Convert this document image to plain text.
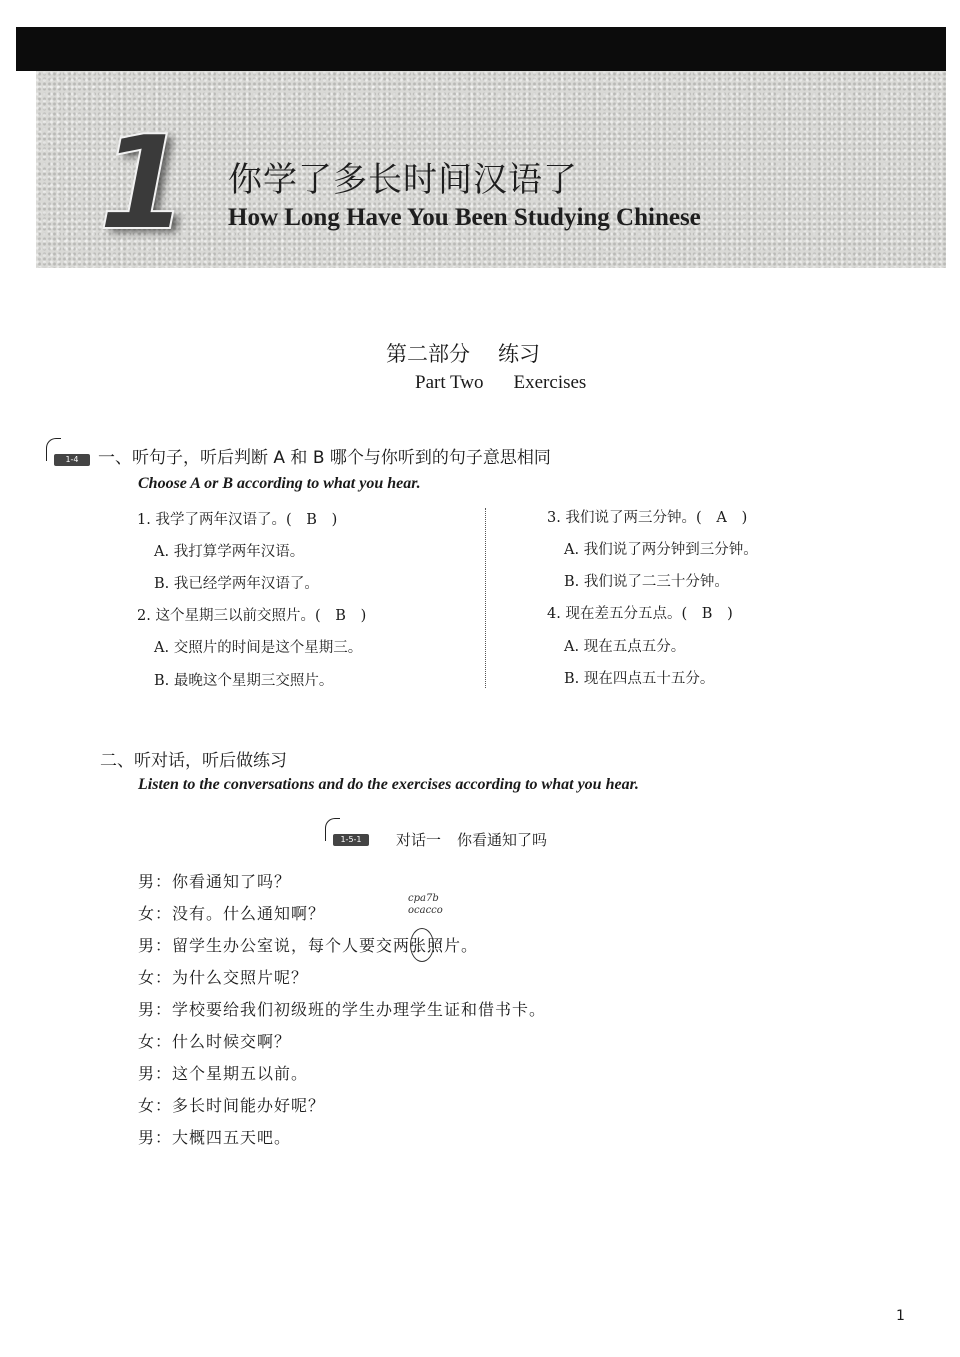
1 你学了多长时间汉语了
How Long Have You Been Studying Chinese
第二部分 练习
Part Two Exercises
1-4	一、听句子，听后判断 A 和 B 哪个与你听到的句子意思相同
Choose A or B according to what you hear.
1. 我学了两年汉语了。( B )
A. 我打算学两年汉语。
B. 我已经学两年汉语了。
2. 这个星期三以前交照片。( B )
A. 交照片的时间是这个星期三。
B. 最晚这个星期三交照片。
3. 我们说了两三分钟。( A )
A. 我们说了两分钟到三分钟。
B. 我们说了二三十分钟。
4. 现在差五分五点。( B )
A. 现在五点五分。
B. 现在四点五十五分。
二、听对话，听后做练习
Listen to the conversations and do the exercises according to what you hear.
1-5-1	对话一 你看通知了吗
男：你看通知了吗？
女：没有。什么通知啊？
男：留学生办公室说，每个人要交两张照片。
女：为什么交照片呢？
男：学校要给我们初级班的学生办理学生证和借书卡。
女：什么时候交啊？
男：这个星期五以前。
女：多长时间能办好呢？
男：大概四五天吧。
cpa7b
ocacco
1
